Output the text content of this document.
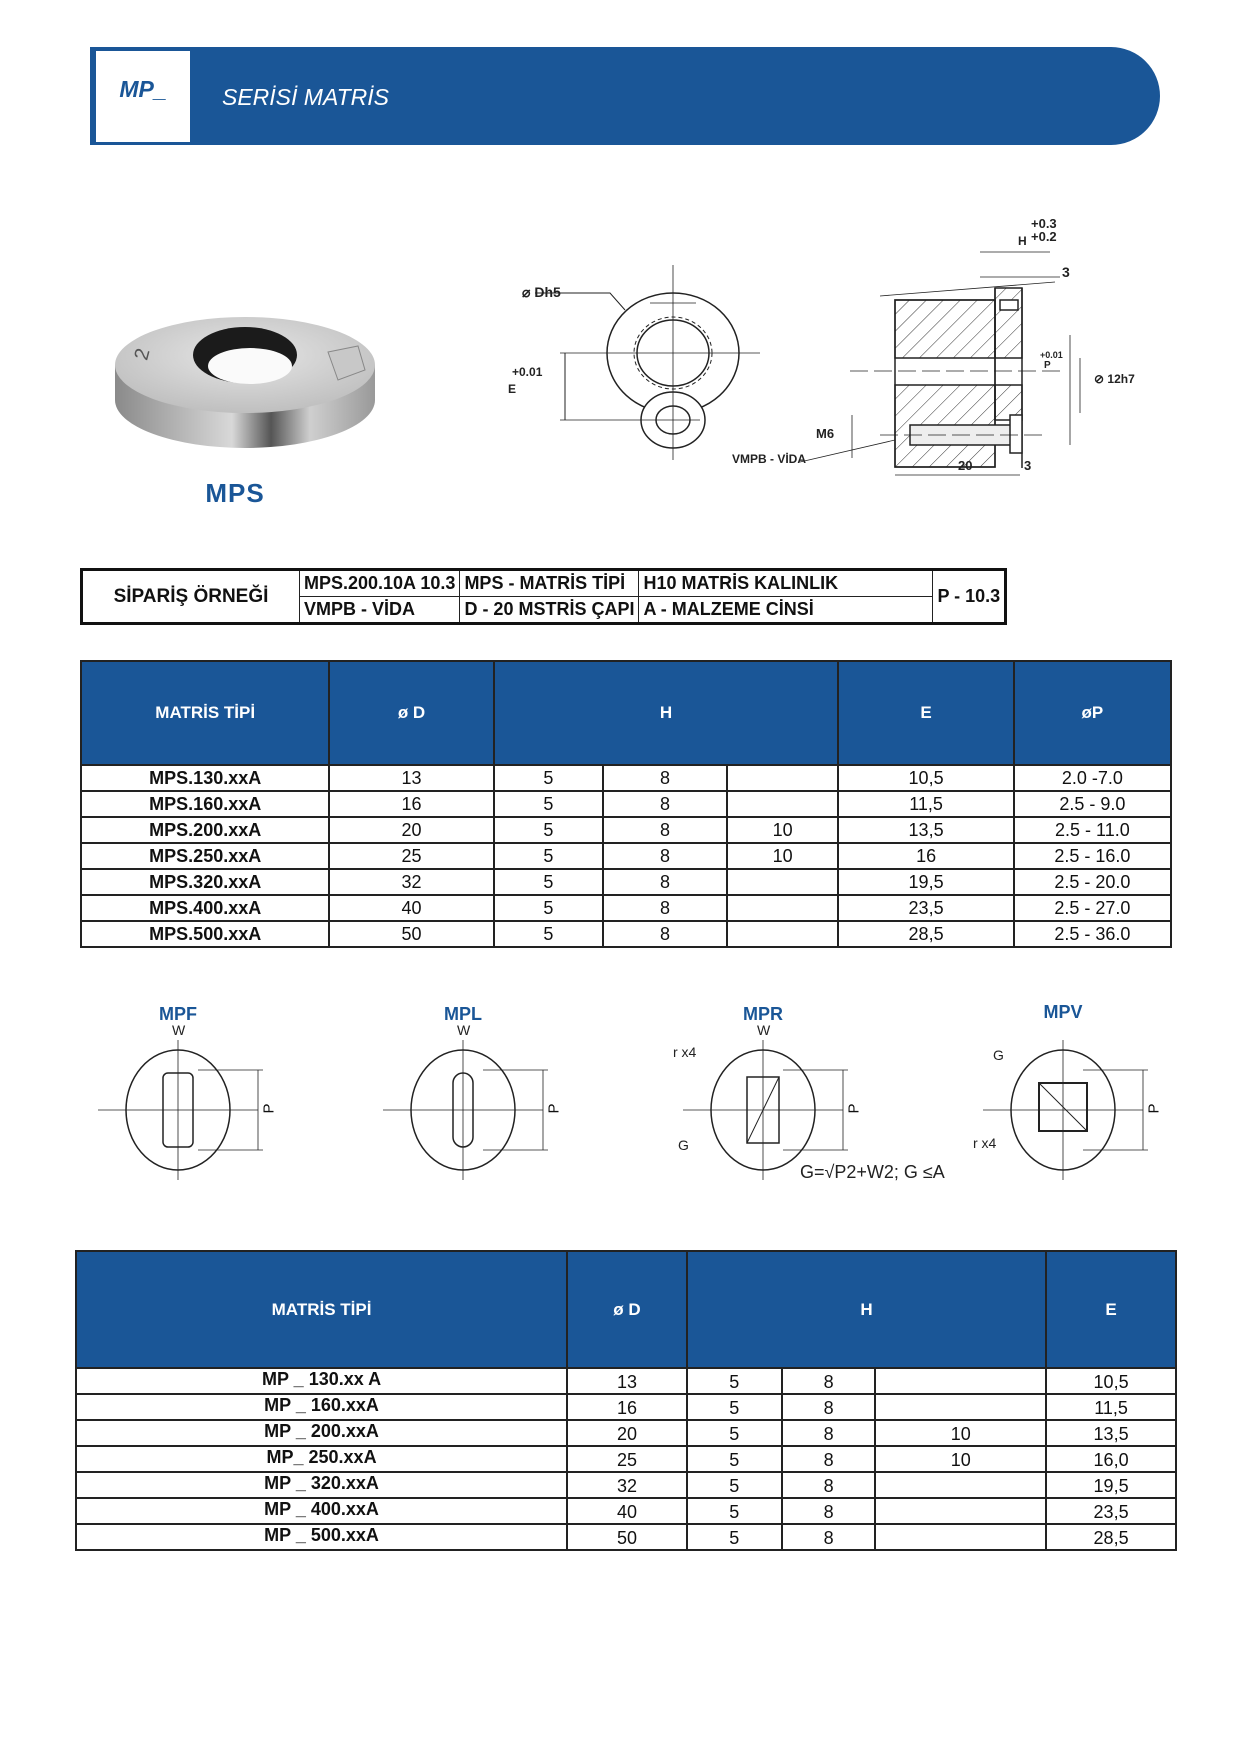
MP_	SERİSİ MATRİS
2
MPS
⌀ Dh5
+0.01
E
+0.3
+0.2
H
3
+0.01
P
⊘ 12h7
M6
VMPB - VİDA	20	3
SİPARİŞ ÖRNEĞİ	MPS.200.10A 10.3	MPS - MATRİS TİPİ	H10 MATRİS KALINLIK	P - 10.3
	VMPB - VİDA	D - 20 MSTRİS ÇAPI	A - MALZEME CİNSİ	
MATRİS TİPİ	ø D	H			E	øP
MPS.130.xxA	13	5	8		10,5	2.0 -7.0
MPS.160.xxA	16	5	8		11,5	2.5 - 9.0
MPS.200.xxA	20	5	8	10	13,5	2.5 - 11.0
MPS.250.xxA	25	5	8	10	16	2.5 - 16.0
MPS.320.xxA	32	5	8		19,5	2.5 - 20.0
MPS.400.xxA	40	5	8		23,5	2.5 - 27.0
MPS.500.xxA	50	5	8		28,5	2.5 - 36.0
MPF
W
P
MPL
W
P
MPR
W
P
r x4
G
MPV
P
r x4
G
G=√P2+W2; G ≤A
MATRİS TİPİ	ø D	H			E
MP _ 130.xx A	13	5	8		10,5
MP _ 160.xxA	16	5	8		11,5
MP _ 200.xxA	20	5	8	10	13,5
MP_ 250.xxA	25	5	8	10	16,0
MP _ 320.xxA	32	5	8		19,5
MP _ 400.xxA	40	5	8		23,5
MP _ 500.xxA	50	5	8		28,5
